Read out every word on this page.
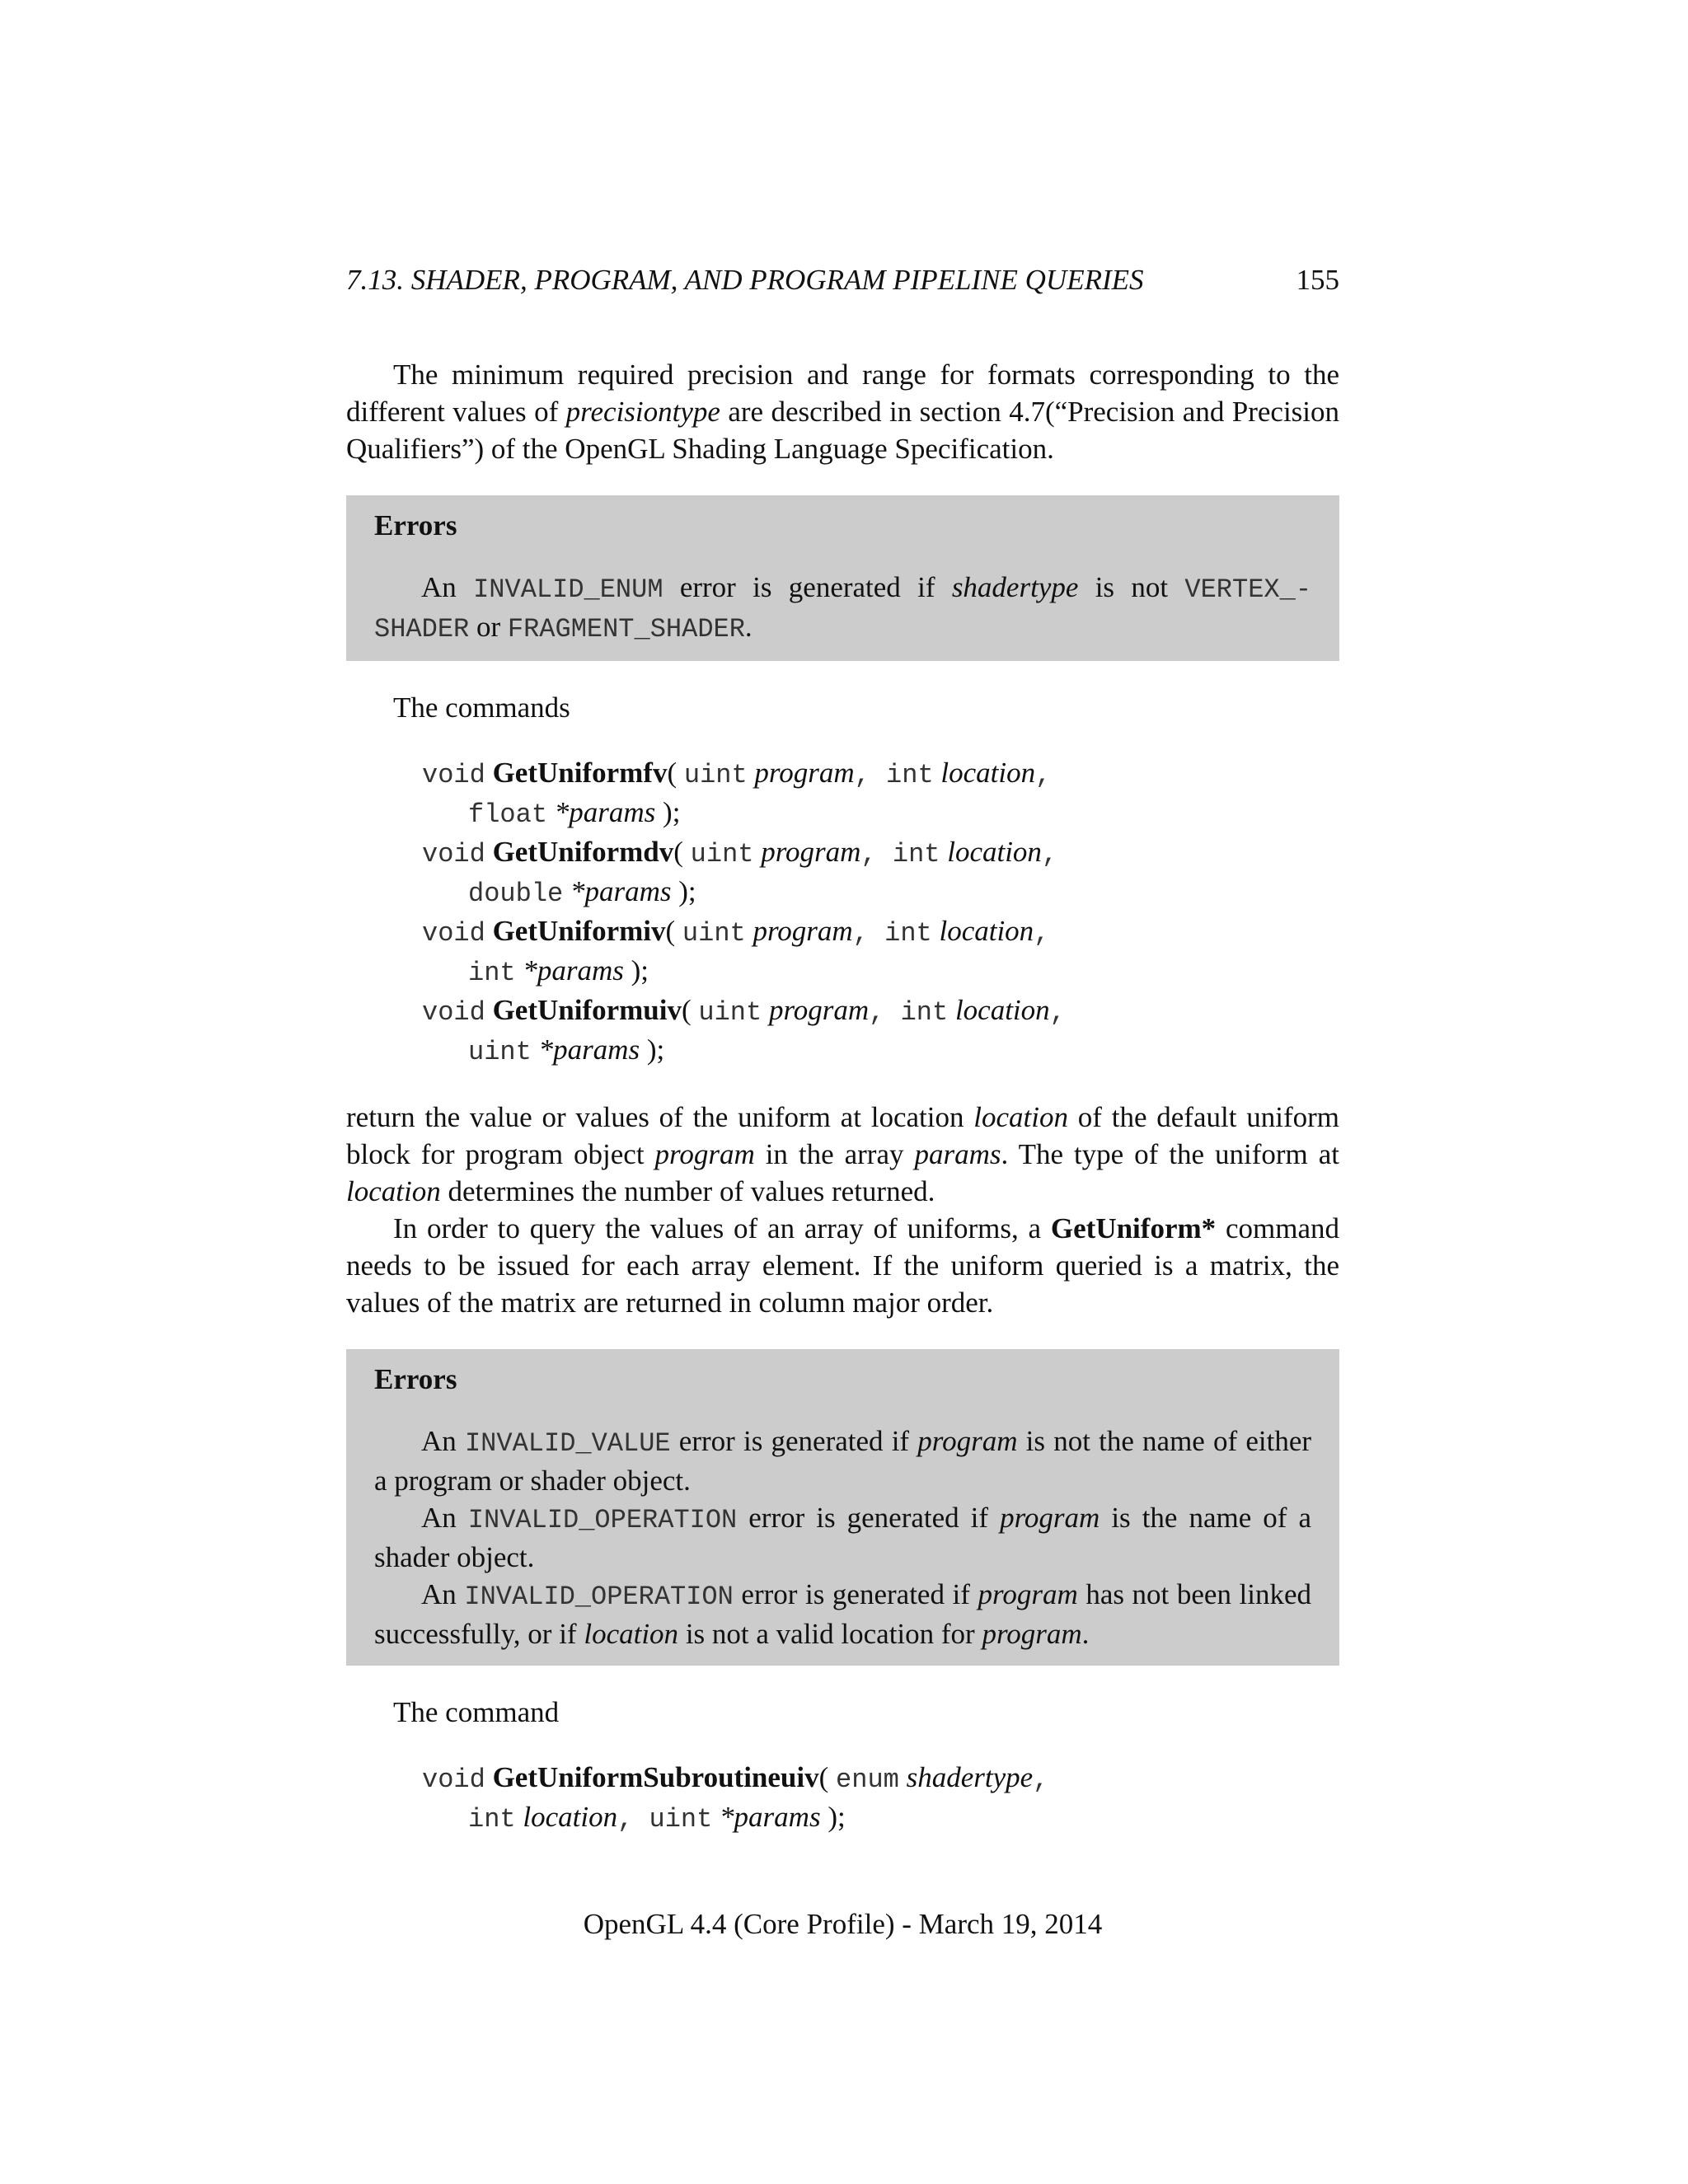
7.13. SHADER, PROGRAM, AND PROGRAM PIPELINE QUERIES	155

The minimum required precision and range for formats corresponding to the different values of precisiontype are described in section 4.7(“Precision and Precision Qualifiers”) of the OpenGL Shading Language Specification.

Errors

An INVALID_ENUM error is generated if shadertype is not VERTEX_-SHADER or FRAGMENT_SHADER.

The commands

void GetUniformfv( uint program, int location,
float *params );
void GetUniformdv( uint program, int location,
double *params );
void GetUniformiv( uint program, int location,
int *params );
void GetUniformuiv( uint program, int location,
uint *params );

return the value or values of the uniform at location location of the default uniform block for program object program in the array params. The type of the uniform at location determines the number of values returned.

In order to query the values of an array of uniforms, a GetUniform* command needs to be issued for each array element. If the uniform queried is a matrix, the values of the matrix are returned in column major order.

Errors

An INVALID_VALUE error is generated if program is not the name of either a program or shader object.

An INVALID_OPERATION error is generated if program is the name of a shader object.

An INVALID_OPERATION error is generated if program has not been linked successfully, or if location is not a valid location for program.

The command

void GetUniformSubroutineuiv( enum shadertype,
int location, uint *params );
OpenGL 4.4 (Core Profile) - March 19, 2014
